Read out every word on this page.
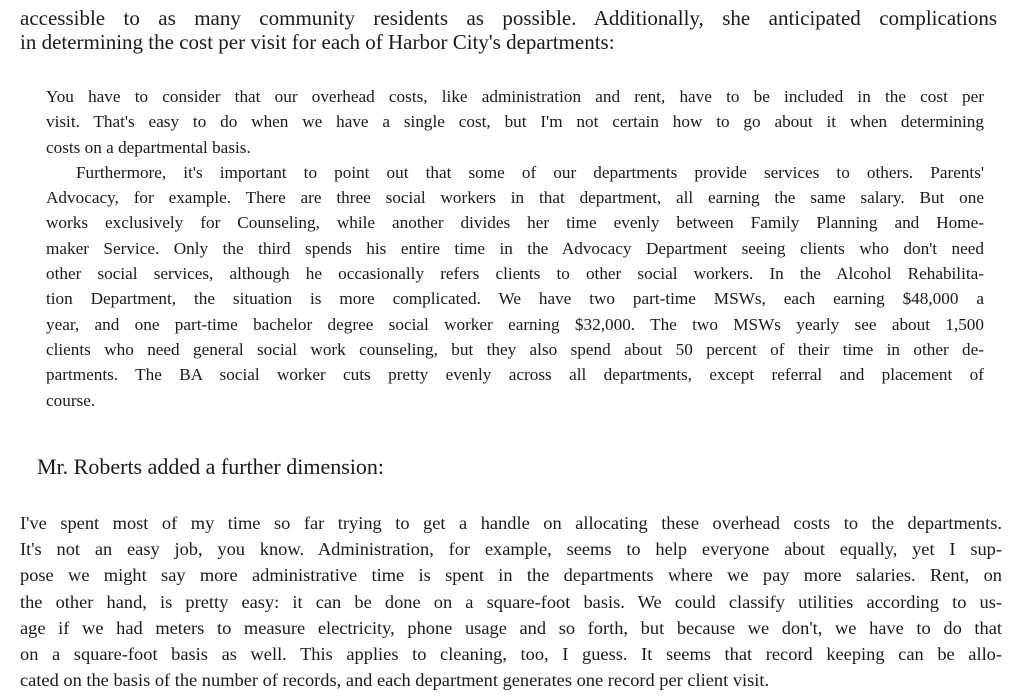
accessible to as many community residents as possible. Additionally, she anticipated complications
in determining the cost per visit for each of Harbor City's departments:

You have to consider that our overhead costs, like administration and rent, have to be included in the cost per
visit. That's easy to do when we have a single cost, but I'm not certain how to go about it when determining
costs on a departmental basis.
Furthermore, it's important to point out that some of our departments provide services to others. Parents'
Advocacy, for example. There are three social workers in that department, all earning the same salary. But one
works exclusively for Counseling, while another divides her time evenly between Family Planning and Home-
maker Service. Only the third spends his entire time in the Advocacy Department seeing clients who don't need
other social services, although he occasionally refers clients to other social workers. In the Alcohol Rehabilita-
tion Department, the situation is more complicated. We have two part-time MSWs, each earning $48,000 a
year, and one part-time bachelor degree social worker earning $32,000. The two MSWs yearly see about 1,500
clients who need general social work counseling, but they also spend about 50 percent of their time in other de-
partments. The BA social worker cuts pretty evenly across all departments, except referral and placement of
course.
Mr. Roberts added a further dimension:
I've spent most of my time so far trying to get a handle on allocating these overhead costs to the departments.
It's not an easy job, you know. Administration, for example, seems to help everyone about equally, yet I sup-
pose we might say more administrative time is spent in the departments where we pay more salaries. Rent, on
the other hand, is pretty easy: it can be done on a square-foot basis. We could classify utilities according to us-
age if we had meters to measure electricity, phone usage and so forth, but because we don't, we have to do that
on a square-foot basis as well. This applies to cleaning, too, I guess. It seems that record keeping can be allo-
cated on the basis of the number of records, and each department generates one record per client visit.
